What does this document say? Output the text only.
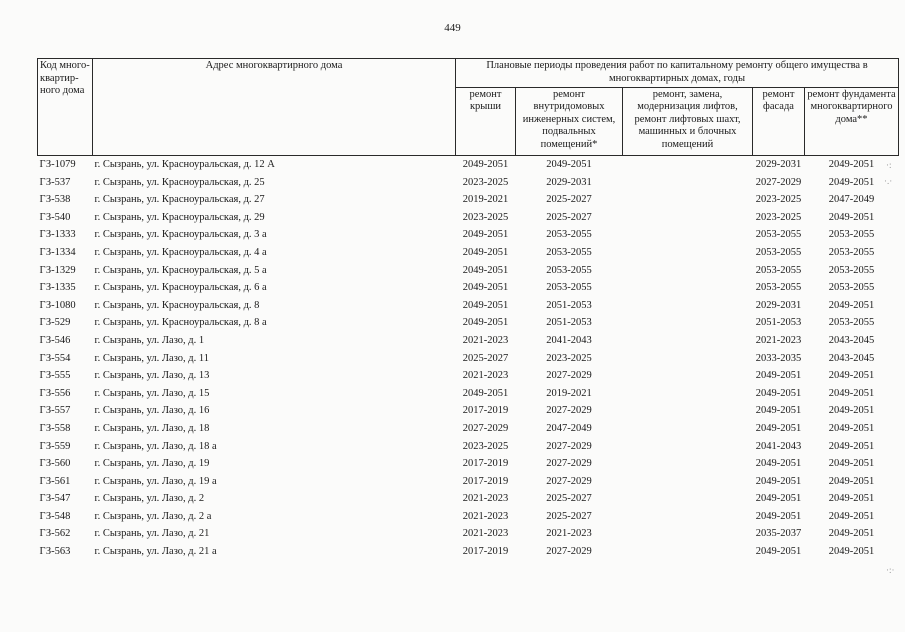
449
Код много-квартир-ного дома	Адрес многоквартирного дома	Плановые периоды проведения работ по капитальному ремонту общего имущества в многоквартирных домах, годы				
		ремонт крыши	ремонт внутридомовых инженерных систем, подвальных помещений*	ремонт, замена, модернизация лифтов, ремонт лифтовых шахт, машинных и блочных помещений	ремонт фасада	ремонт фундамента многоквартирного дома**
ГЗ-1079	г. Сызрань, ул. Красноуральская, д. 12 А	2049-2051	2049-2051		2029-2031	2049-2051
ГЗ-537	г. Сызрань, ул. Красноуральская, д. 25	2023-2025	2029-2031		2027-2029	2049-2051
ГЗ-538	г. Сызрань, ул. Красноуральская, д. 27	2019-2021	2025-2027		2023-2025	2047-2049
ГЗ-540	г. Сызрань, ул. Красноуральская, д. 29	2023-2025	2025-2027		2023-2025	2049-2051
ГЗ-1333	г. Сызрань, ул. Красноуральская, д. 3 а	2049-2051	2053-2055		2053-2055	2053-2055
ГЗ-1334	г. Сызрань, ул. Красноуральская, д. 4 а	2049-2051	2053-2055		2053-2055	2053-2055
ГЗ-1329	г. Сызрань, ул. Красноуральская, д. 5 а	2049-2051	2053-2055		2053-2055	2053-2055
ГЗ-1335	г. Сызрань, ул. Красноуральская, д. 6 а	2049-2051	2053-2055		2053-2055	2053-2055
ГЗ-1080	г. Сызрань, ул. Красноуральская, д. 8	2049-2051	2051-2053		2029-2031	2049-2051
ГЗ-529	г. Сызрань, ул. Красноуральская, д. 8 а	2049-2051	2051-2053		2051-2053	2053-2055
ГЗ-546	г. Сызрань, ул. Лазо, д. 1	2021-2023	2041-2043		2021-2023	2043-2045
ГЗ-554	г. Сызрань, ул. Лазо, д. 11	2025-2027	2023-2025		2033-2035	2043-2045
ГЗ-555	г. Сызрань, ул. Лазо, д. 13	2021-2023	2027-2029		2049-2051	2049-2051
ГЗ-556	г. Сызрань, ул. Лазо, д. 15	2049-2051	2019-2021		2049-2051	2049-2051
ГЗ-557	г. Сызрань, ул. Лазо, д. 16	2017-2019	2027-2029		2049-2051	2049-2051
ГЗ-558	г. Сызрань, ул. Лазо, д. 18	2027-2029	2047-2049		2049-2051	2049-2051
ГЗ-559	г. Сызрань, ул. Лазо, д. 18 а	2023-2025	2027-2029		2041-2043	2049-2051
ГЗ-560	г. Сызрань, ул. Лазо, д. 19	2017-2019	2027-2029		2049-2051	2049-2051
ГЗ-561	г. Сызрань, ул. Лазо, д. 19 а	2017-2019	2027-2029		2049-2051	2049-2051
ГЗ-547	г. Сызрань, ул. Лазо, д. 2	2021-2023	2025-2027		2049-2051	2049-2051
ГЗ-548	г. Сызрань, ул. Лазо, д. 2 а	2021-2023	2025-2027		2049-2051	2049-2051
ГЗ-562	г. Сызрань, ул. Лазо, д. 21	2021-2023	2021-2023		2035-2037	2049-2051
ГЗ-563	г. Сызрань, ул. Лазо, д. 21 а	2017-2019	2027-2029		2049-2051	2049-2051
·:
·.·
·:·
